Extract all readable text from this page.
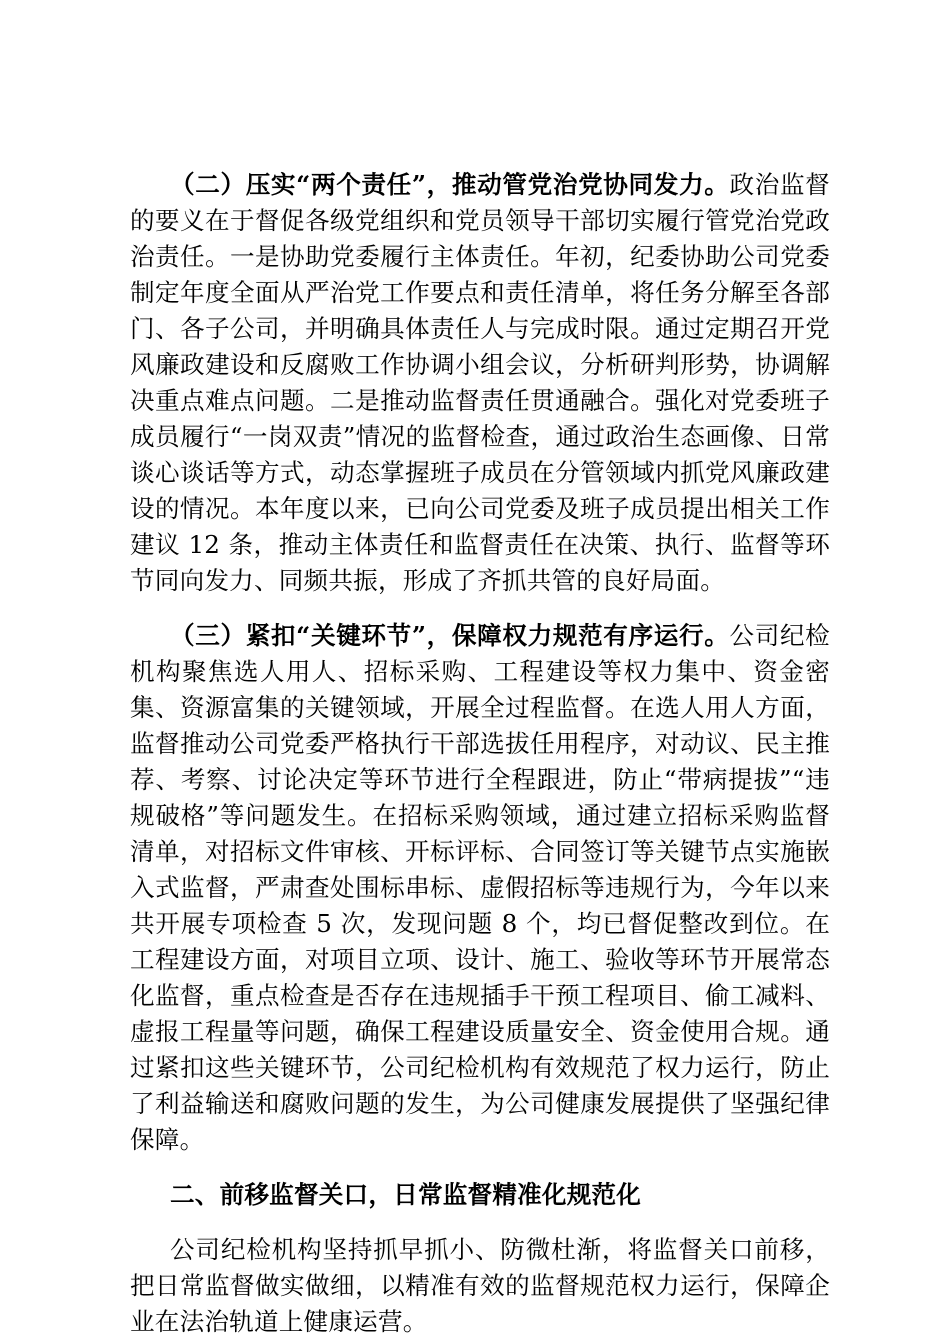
（二）压实“两个责任”，推动管党治党协同发力。政治监督的要义在于督促各级党组织和党员领导干部切实履行管党治党政治责任。一是协助党委履行主体责任。年初，纪委协助公司党委制定年度全面从严治党工作要点和责任清单，将任务分解至各部门、各子公司，并明确具体责任人与完成时限。通过定期召开党风廉政建设和反腐败工作协调小组会议，分析研判形势，协调解决重点难点问题。二是推动监督责任贯通融合。强化对党委班子成员履行“一岗双责”情况的监督检查，通过政治生态画像、日常谈心谈话等方式，动态掌握班子成员在分管领域内抓党风廉政建设的情况。本年度以来，已向公司党委及班子成员提出相关工作建议 12 条，推动主体责任和监督责任在决策、执行、监督等环节同向发力、同频共振，形成了齐抓共管的良好局面。

（三）紧扣“关键环节”，保障权力规范有序运行。公司纪检机构聚焦选人用人、招标采购、工程建设等权力集中、资金密集、资源富集的关键领域，开展全过程监督。在选人用人方面，监督推动公司党委严格执行干部选拔任用程序，对动议、民主推荐、考察、讨论决定等环节进行全程跟进，防止“带病提拔”“违规破格”等问题发生。在招标采购领域，通过建立招标采购监督清单，对招标文件审核、开标评标、合同签订等关键节点实施嵌入式监督，严肃查处围标串标、虚假招标等违规行为，今年以来共开展专项检查 5 次，发现问题 8 个，均已督促整改到位。在工程建设方面，对项目立项、设计、施工、验收等环节开展常态化监督，重点检查是否存在违规插手干预工程项目、偷工减料、虚报工程量等问题，确保工程建设质量安全、资金使用合规。通过紧扣这些关键环节，公司纪检机构有效规范了权力运行，防止了利益输送和腐败问题的发生，为公司健康发展提供了坚强纪律保障。

二、前移监督关口，日常监督精准化规范化

公司纪检机构坚持抓早抓小、防微杜渐，将监督关口前移，把日常监督做实做细，以精准有效的监督规范权力运行，保障企业在法治轨道上健康运营。
